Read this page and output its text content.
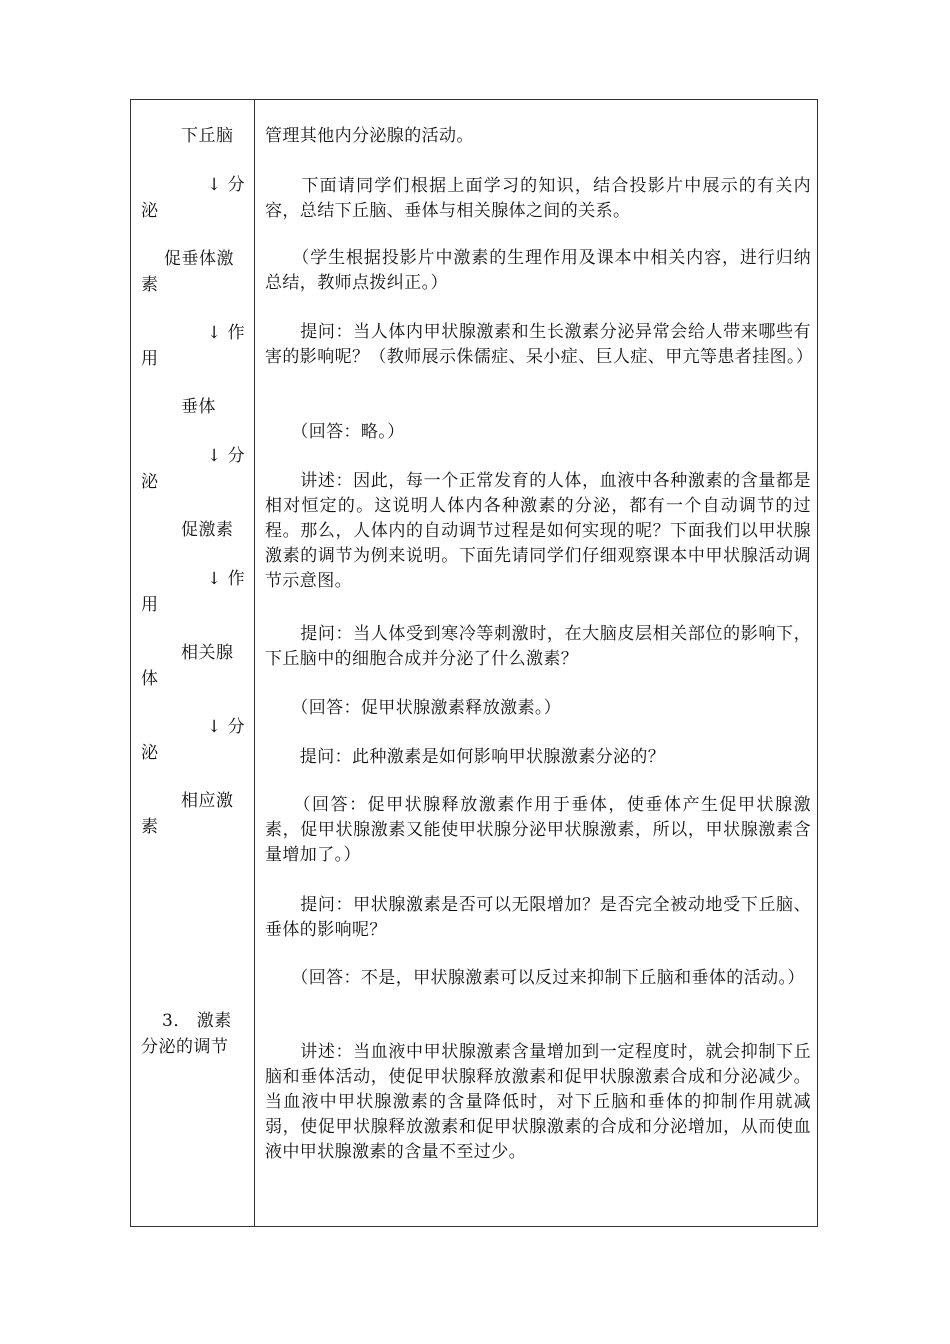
下丘脑
↓ 分
泌
促垂体激
素
↓ 作
用
垂体
↓ 分
泌
促激素
↓ 作
用
相关腺
体
↓ 分
泌
相应激
素
3． 激素
分泌的调节
管理其他内分泌腺的活动。
　　下面请同学们根据上面学习的知识，结合投影片中展示的有关内容，总结下丘脑、垂体与相关腺体之间的关系。
　　（学生根据投影片中激素的生理作用及课本中相关内容，进行归纳总结，教师点拨纠正。）
　　提问：当人体内甲状腺激素和生长激素分泌异常会给人带来哪些有害的影响呢？（教师展示侏儒症、呆小症、巨人症、甲亢等患者挂图。）
　　（回答：略。）
　　讲述：因此，每一个正常发育的人体，血液中各种激素的含量都是相对恒定的。这说明人体内各种激素的分泌，都有一个自动调节的过程。那么，人体内的自动调节过程是如何实现的呢？下面我们以甲状腺激素的调节为例来说明。下面先请同学们仔细观察课本中甲状腺活动调节示意图。
　　提问：当人体受到寒冷等刺激时，在大脑皮层相关部位的影响下，下丘脑中的细胞合成并分泌了什么激素？
　　（回答：促甲状腺激素释放激素。）
　　提问：此种激素是如何影响甲状腺激素分泌的？
　　（回答：促甲状腺释放激素作用于垂体，使垂体产生促甲状腺激素，促甲状腺激素又能使甲状腺分泌甲状腺激素，所以，甲状腺激素含量增加了。）
　　提问：甲状腺激素是否可以无限增加？是否完全被动地受下丘脑、垂体的影响呢？
　　（回答：不是，甲状腺激素可以反过来抑制下丘脑和垂体的活动。）
　　讲述：当血液中甲状腺激素含量增加到一定程度时，就会抑制下丘脑和垂体活动，使促甲状腺释放激素和促甲状腺激素合成和分泌减少。当血液中甲状腺激素的含量降低时，对下丘脑和垂体的抑制作用就减弱，使促甲状腺释放激素和促甲状腺激素的合成和分泌增加，从而使血液中甲状腺激素的含量不至过少。
